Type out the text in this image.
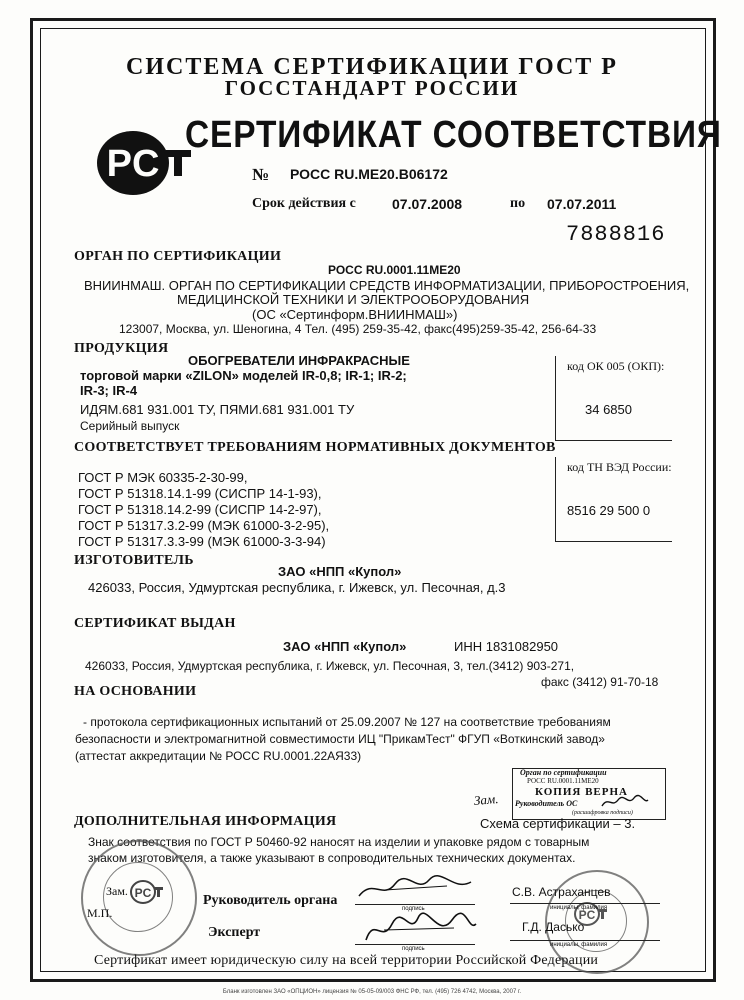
СИСТЕМА СЕРТИФИКАЦИИ ГОСТ Р
ГОССТАНДАРТ РОССИИ
PC
СЕРТИФИКАТ СООТВЕТСТВИЯ
№ РОСС RU.МЕ20.В06172
Срок действия с	07.07.2008	по 07.07.2011
7888816
ОРГАН ПО СЕРТИФИКАЦИИ
РОСС RU.0001.11МЕ20
ВНИИНМАШ. ОРГАН ПО СЕРТИФИКАЦИИ СРЕДСТВ ИНФОРМАТИЗАЦИИ, ПРИБОРОСТРОЕНИЯ,
МЕДИЦИНСКОЙ ТЕХНИКИ И ЭЛЕКТРООБОРУДОВАНИЯ
(ОС «Сертинформ.ВНИИНМАШ»)
123007, Москва, ул. Шеногина, 4 Тел. (495) 259-35-42, факс(495)259-35-42, 256-64-33
ПРОДУКЦИЯ
ОБОГРЕВАТЕЛИ ИНФРАКРАСНЫЕ
торговой марки «ZILON» моделей IR-0,8; IR-1; IR-2;
IR-3; IR-4
ИДЯМ.681 931.001 ТУ, ПЯМИ.681 931.001 ТУ
Серийный выпуск
код ОК 005 (ОКП):
34 6850
СООТВЕТСТВУЕТ ТРЕБОВАНИЯМ НОРМАТИВНЫХ ДОКУМЕНТОВ
ГОСТ Р МЭК 60335-2-30-99,
ГОСТ Р 51318.14.1-99 (СИСПР 14-1-93),
ГОСТ Р 51318.14.2-99 (СИСПР 14-2-97),
ГОСТ Р 51317.3.2-99 (МЭК 61000-3-2-95),
ГОСТ Р 51317.3.3-99 (МЭК 61000-3-3-94)
код ТН ВЭД России:
8516 29 500 0
ИЗГОТОВИТЕЛЬ
ЗАО «НПП «Купол»
426033, Россия, Удмуртская республика, г. Ижевск, ул. Песочная, д.3
СЕРТИФИКАТ ВЫДАН
ЗАО «НПП «Купол»	ИНН 1831082950
426033, Россия, Удмуртская республика, г. Ижевск, ул. Песочная, 3, тел.(3412) 903-271,
факс (3412) 91-70-18
НА ОСНОВАНИИ
- протокола сертификационных испытаний от 25.09.2007 № 127 на соответствие требованиям
безопасности и электромагнитной совместимости ИЦ "ПрикамТест" ФГУП «Воткинский завод»
(аттестат аккредитации № РОСС RU.0001.22АЯ33)
Орган по сертификации
РОСС RU.0001.11МЕ20
КОПИЯ ВЕРНА
Руководитель ОС
(расшифровка подписи)
Зам.
ДОПОЛНИТЕЛЬНАЯ ИНФОРМАЦИЯ	Схема сертификации – 3.
Знак соответствия по ГОСТ Р 50460-92 наносят на изделии и упаковке рядом с товарным
знаком изготовителя, а также указывают в сопроводительных технических документах.
PC
PC
Зам.
М.П.
Руководитель органа
подпись
С.В. Астраханцев
инициалы, фамилия
Эксперт
подпись
Г.Д. Дасько
инициалы, фамилия
Сертификат имеет юридическую силу на всей территории Российской Федерации
Бланк изготовлен ЗАО «ОПЦИОН» лицензия № 05-05-09/003 ФНС РФ, тел. (495) 726 4742, Москва, 2007 г.
